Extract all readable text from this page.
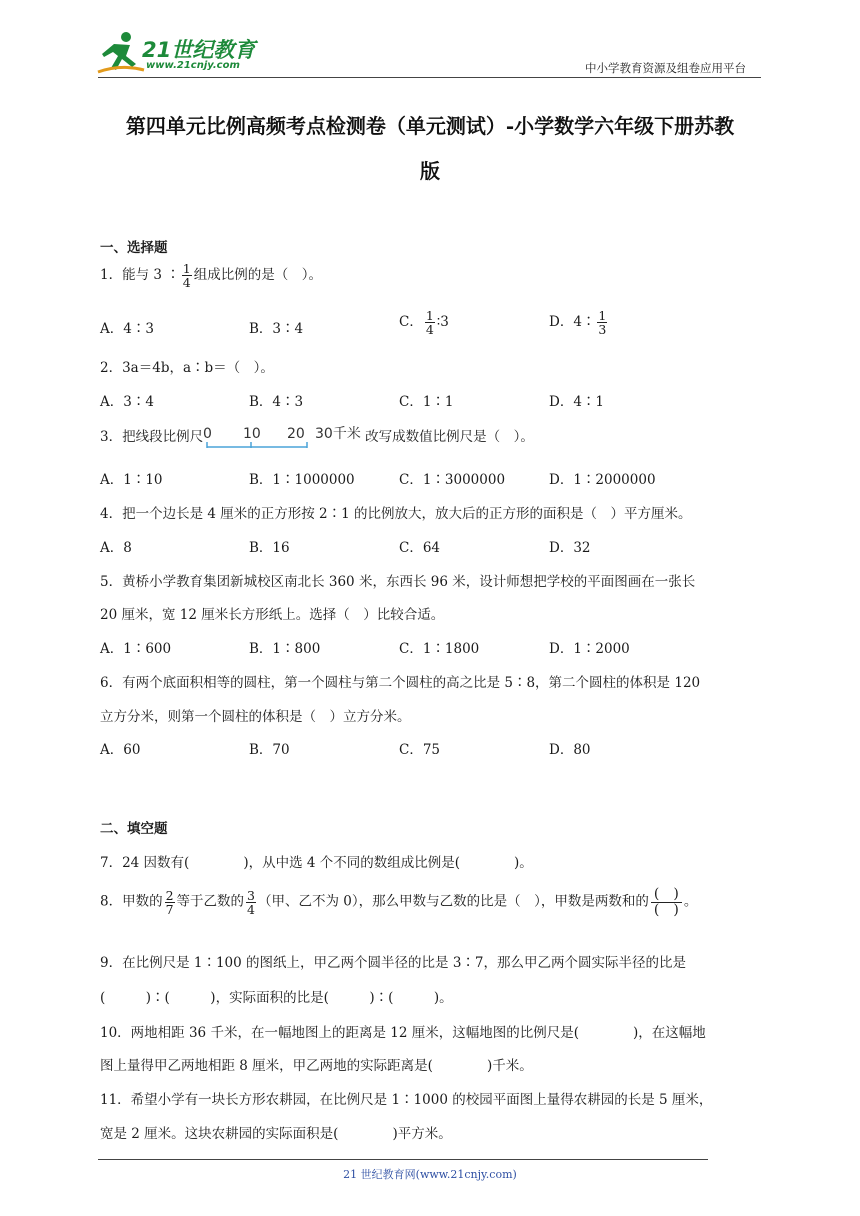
21世纪教育
www.21cnjy.com	中小学教育资源及组卷应用平台
第四单元比例高频考点检测卷（单元测试）-小学数学六年级下册苏教
版
一、选择题
1．能与 3 ∶ $\frac{1}{4}$ 组成比例的是（　）。
A．4∶3	B．3∶4	C． $\frac{1}{4}$ ∶3	D．4∶ $\frac{1}{3}$
2．3a＝4b，a∶b＝（　）。
A．3∶4	B．4∶3	C．1∶1	D．4∶1
3．把线段比例尺 0 10 20 30千米 改写成数值比例尺是（　）。
A．1∶10	B．1∶1000000	C．1∶3000000	D．1∶2000000
4．把一个边长是 4 厘米的正方形按 2∶1 的比例放大，放大后的正方形的面积是（　）平方厘米。
A．8	B．16	C．64	D．32
5．黄桥小学教育集团新城校区南北长 360 米，东西长 96 米，设计师想把学校的平面图画在一张长
20 厘米，宽 12 厘米长方形纸上。选择（　）比较合适。
A．1∶600	B．1∶800	C．1∶1800	D．1∶2000
6．有两个底面积相等的圆柱，第一个圆柱与第二个圆柱的高之比是 5∶8，第二个圆柱的体积是 120
立方分米，则第一个圆柱的体积是（　）立方分米。
A．60	B．70	C．75	D．80
二、填空题
7．24 因数有(　　　　)，从中选 4 个不同的数组成比例是(　　　　)。
8．甲数的 $\frac{2}{7}$ 等于乙数的 $\frac{3}{4}$ （甲、乙不为 0），那么甲数与乙数的比是（　），甲数是两数和的 $\frac{( )}{( )}$ 。
9．在比例尺是 1∶100 的图纸上，甲乙两个圆半径的比是 3∶7，那么甲乙两个圆实际半径的比是
(　　　)∶(　　　)，实际面积的比是(　　　)∶(　　　)。
10．两地相距 36 千米，在一幅地图上的距离是 12 厘米，这幅地图的比例尺是(　　　　)，在这幅地
图上量得甲乙两地相距 8 厘米，甲乙两地的实际距离是(　　　　)千米。
11．希望小学有一块长方形农耕园，在比例尺是 1∶1000 的校园平面图上量得农耕园的长是 5 厘米，
宽是 2 厘米。这块农耕园的实际面积是(　　　　)平方米。
21 世纪教育网(www.21cnjy.com)
